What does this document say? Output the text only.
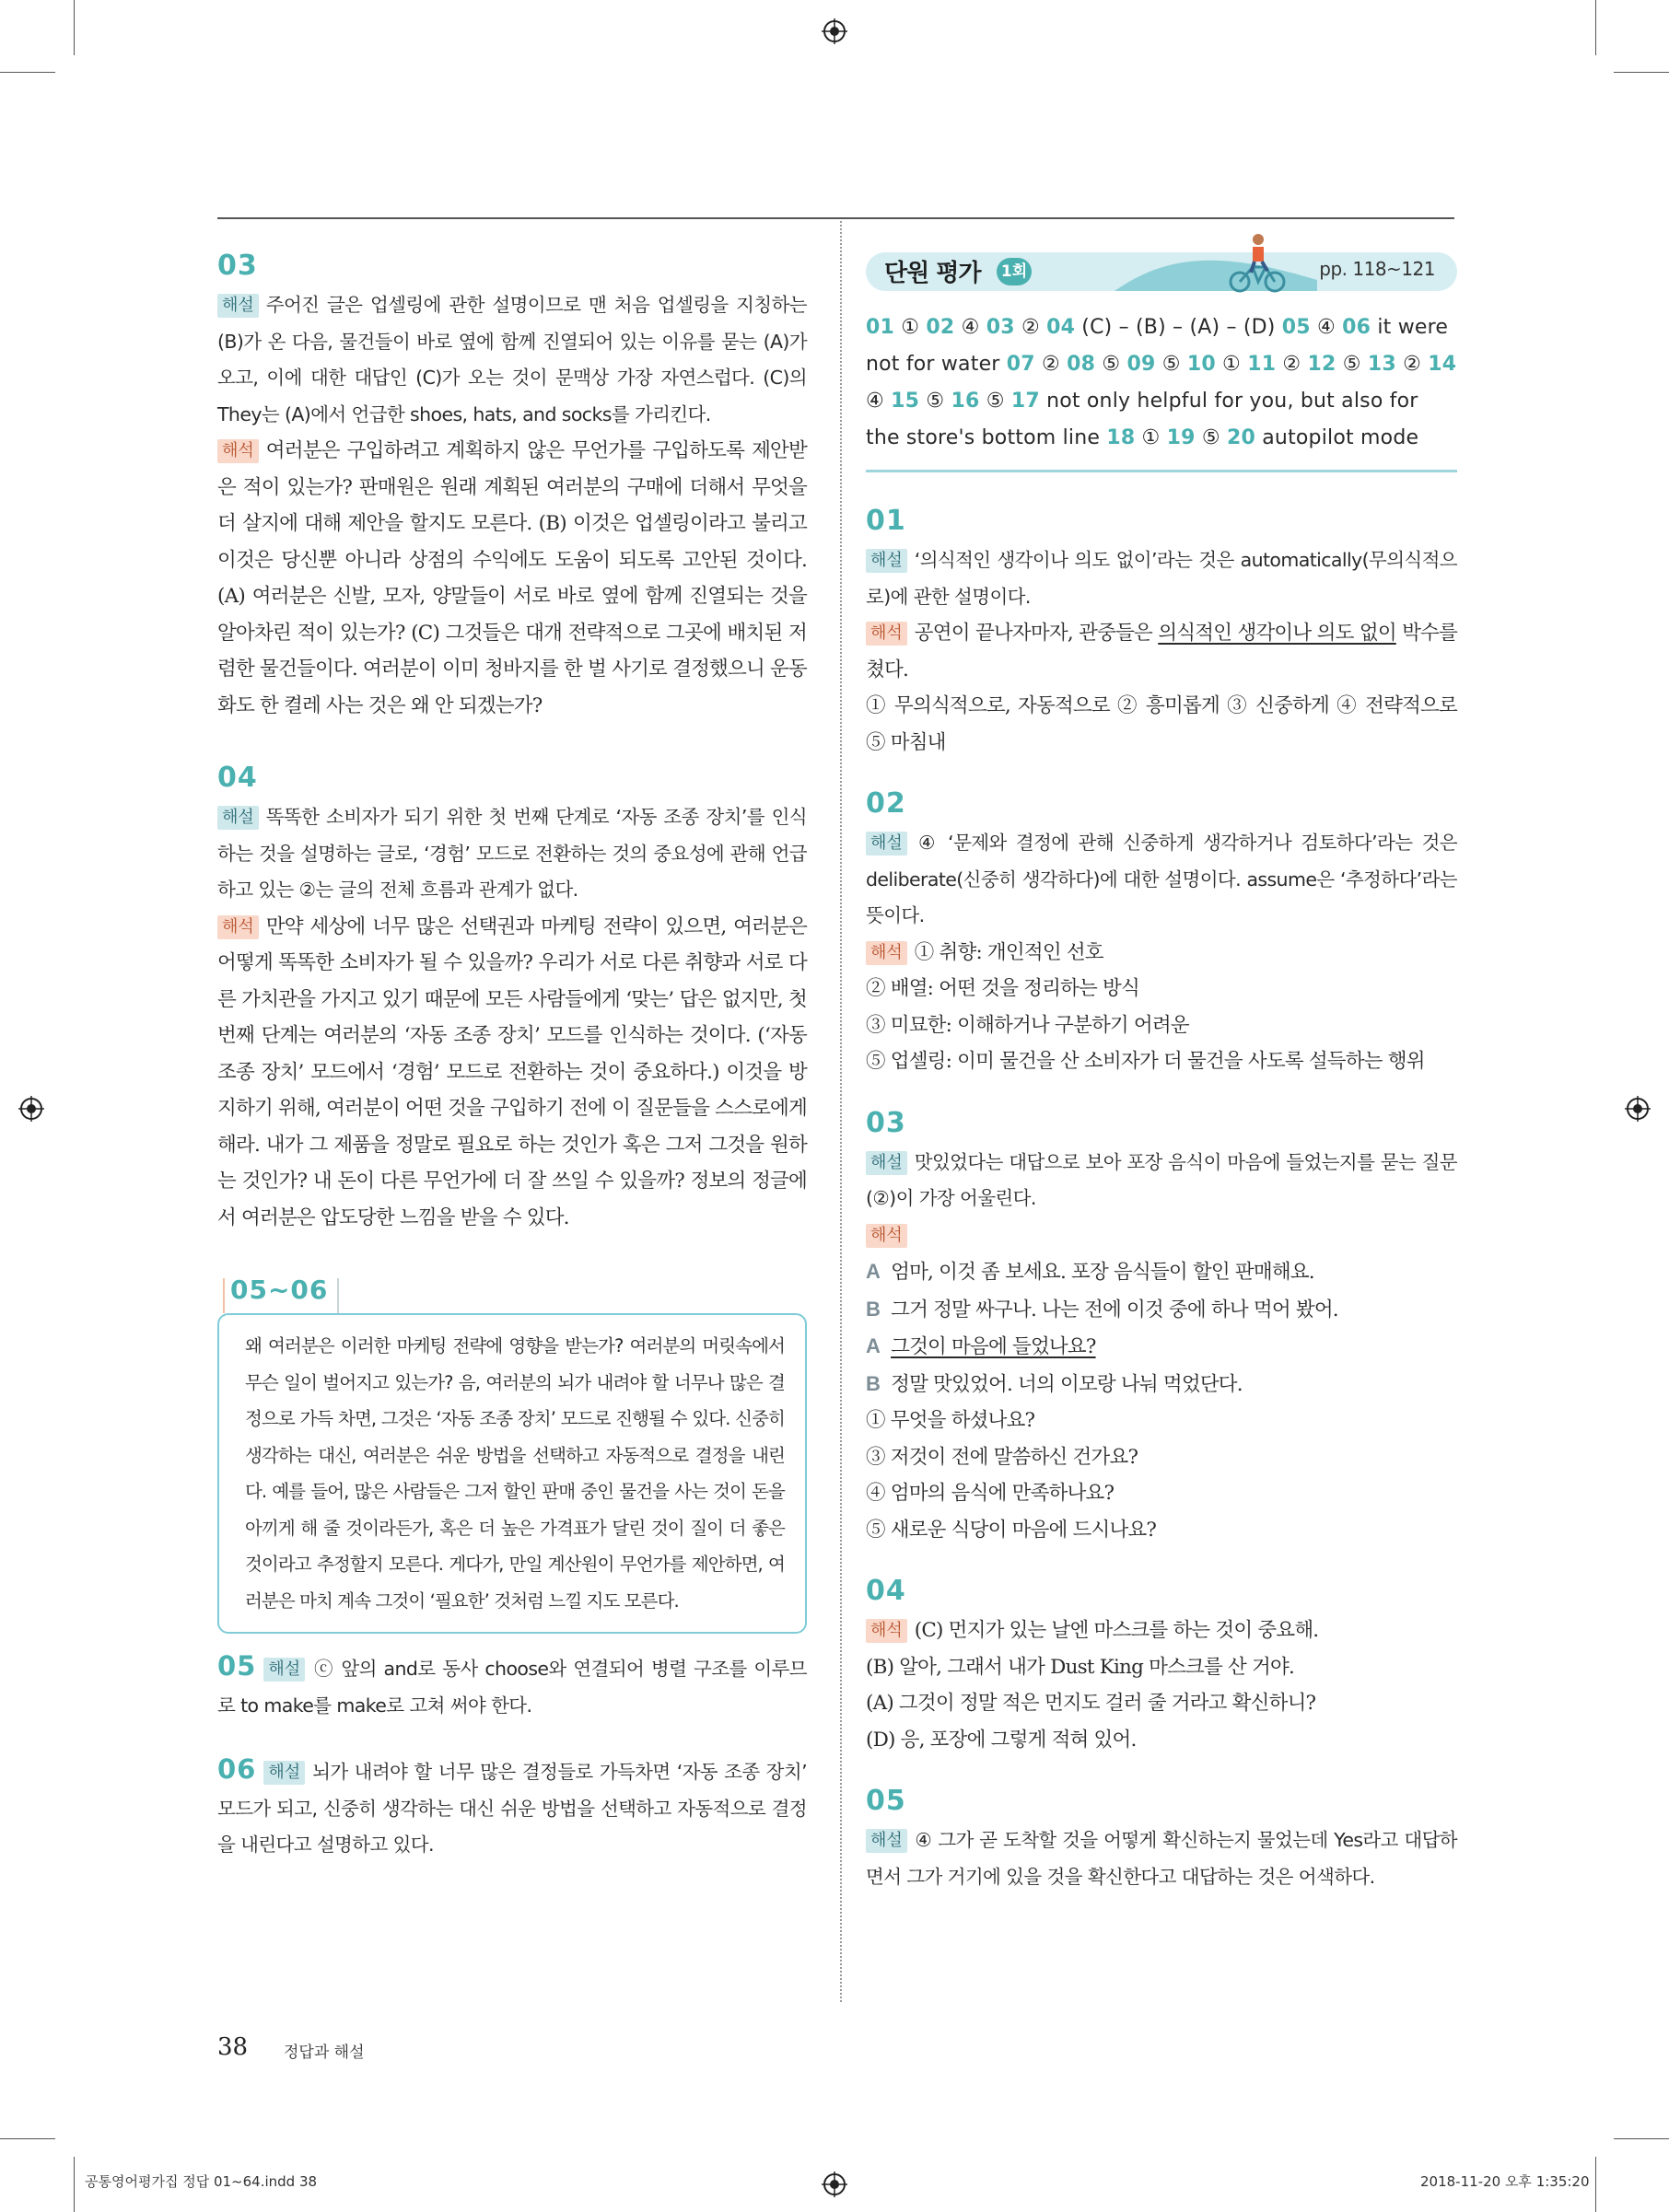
03

해설 주어진 글은 업셀링에 관한 설명이므로 맨 처음 업셀링을 지칭하는 (B)가 온 다음, 물건들이 바로 옆에 함께 진열되어 있는 이유를 묻는 (A)가 오고, 이에 대한 대답인 (C)가 오는 것이 문맥상 가장 자연스럽다. (C)의 They는 (A)에서 언급한 shoes, hats, and socks를 가리킨다.

해석 여러분은 구입하려고 계획하지 않은 무언가를 구입하도록 제안받은 적이 있는가? 판매원은 원래 계획된 여러분의 구매에 더해서 무엇을 더 살지에 대해 제안을 할지도 모른다. (B) 이것은 업셀링이라고 불리고 이것은 당신뿐 아니라 상점의 수익에도 도움이 되도록 고안된 것이다. (A) 여러분은 신발, 모자, 양말들이 서로 바로 옆에 함께 진열되는 것을 알아차린 적이 있는가? (C) 그것들은 대개 전략적으로 그곳에 배치된 저렴한 물건들이다. 여러분이 이미 청바지를 한 벌 사기로 결정했으니 운동화도 한 켤레 사는 것은 왜 안 되겠는가?

04

해설 똑똑한 소비자가 되기 위한 첫 번째 단계로 ‘자동 조종 장치’를 인식하는 것을 설명하는 글로, ‘경험’ 모드로 전환하는 것의 중요성에 관해 언급하고 있는 ②는 글의 전체 흐름과 관계가 없다.

해석 만약 세상에 너무 많은 선택권과 마케팅 전략이 있으면, 여러분은 어떻게 똑똑한 소비자가 될 수 있을까? 우리가 서로 다른 취향과 서로 다른 가치관을 가지고 있기 때문에 모든 사람들에게 ‘맞는’ 답은 없지만, 첫 번째 단계는 여러분의 ‘자동 조종 장치’ 모드를 인식하는 것이다. (‘자동 조종 장치’ 모드에서 ‘경험’ 모드로 전환하는 것이 중요하다.) 이것을 방지하기 위해, 여러분이 어떤 것을 구입하기 전에 이 질문들을 스스로에게 해라. 내가 그 제품을 정말로 필요로 하는 것인가 혹은 그저 그것을 원하는 것인가? 내 돈이 다른 무언가에 더 잘 쓰일 수 있을까? 정보의 정글에서 여러분은 압도당한 느낌을 받을 수 있다.

05~06
왜 여러분은 이러한 마케팅 전략에 영향을 받는가? 여러분의 머릿속에서 무슨 일이 벌어지고 있는가? 음, 여러분의 뇌가 내려야 할 너무나 많은 결정으로 가득 차면, 그것은 ‘자동 조종 장치’ 모드로 진행될 수 있다. 신중히 생각하는 대신, 여러분은 쉬운 방법을 선택하고 자동적으로 결정을 내린다. 예를 들어, 많은 사람들은 그저 할인 판매 중인 물건을 사는 것이 돈을 아끼게 해 줄 것이라든가, 혹은 더 높은 가격표가 달린 것이 질이 더 좋은 것이라고 추정할지 모른다. 게다가, 만일 계산원이 무언가를 제안하면, 여러분은 마치 계속 그것이 ‘필요한’ 것처럼 느낄 지도 모른다.

05 해설 ⓒ 앞의 and로 동사 choose와 연결되어 병렬 구조를 이루므로 to make를 make로 고쳐 써야 한다.

06 해설 뇌가 내려야 할 너무 많은 결정들로 가득차면 ‘자동 조종 장치’ 모드가 되고, 신중히 생각하는 대신 쉬운 방법을 선택하고 자동적으로 결정을 내린다고 설명하고 있다.

단원 평가 1회	pp. 118~121

01 ① 02 ④ 03 ② 04 (C) – (B) – (A) – (D) 05 ④ 06 it were not for water 07 ② 08 ⑤ 09 ⑤ 10 ① 11 ② 12 ⑤ 13 ② 14 ④ 15 ⑤ 16 ⑤ 17 not only helpful for you, but also for the store's bottom line 18 ① 19 ⑤ 20 autopilot mode

01

해설 ‘의식적인 생각이나 의도 없이’라는 것은 automatically(무의식적으로)에 관한 설명이다.

해석 공연이 끝나자마자, 관중들은 의식적인 생각이나 의도 없이 박수를 쳤다.

① 무의식적으로, 자동적으로 ② 흥미롭게 ③ 신중하게 ④ 전략적으로 ⑤ 마침내

02

해설 ④ ‘문제와 결정에 관해 신중하게 생각하거나 검토하다’라는 것은 deliberate(신중히 생각하다)에 대한 설명이다. assume은 ‘추정하다’라는 뜻이다.

해석 ① 취향: 개인적인 선호

② 배열: 어떤 것을 정리하는 방식

③ 미묘한: 이해하거나 구분하기 어려운

⑤ 업셀링: 이미 물건을 산 소비자가 더 물건을 사도록 설득하는 행위

03

해설 맛있었다는 대답으로 보아 포장 음식이 마음에 들었는지를 묻는 질문(②)이 가장 어울린다.

해석

A 엄마, 이것 좀 보세요. 포장 음식들이 할인 판매해요.

B 그거 정말 싸구나. 나는 전에 이것 중에 하나 먹어 봤어.

A 그것이 마음에 들었나요?

B 정말 맛있었어. 너의 이모랑 나눠 먹었단다.

① 무엇을 하셨나요?

③ 저것이 전에 말씀하신 건가요?

④ 엄마의 음식에 만족하나요?

⑤ 새로운 식당이 마음에 드시나요?

04

해석 (C) 먼지가 있는 날엔 마스크를 하는 것이 중요해.

(B) 알아, 그래서 내가 Dust King 마스크를 산 거야.

(A) 그것이 정말 적은 먼지도 걸러 줄 거라고 확신하니?

(D) 응, 포장에 그렇게 적혀 있어.

05

해설 ④ 그가 곧 도착할 것을 어떻게 확신하는지 물었는데 Yes라고 대답하면서 그가 거기에 있을 것을 확신한다고 대답하는 것은 어색하다.

38 정답과 해설
공통영어평가집 정답 01~64.indd 38	2018-11-20 오후 1:35:20
